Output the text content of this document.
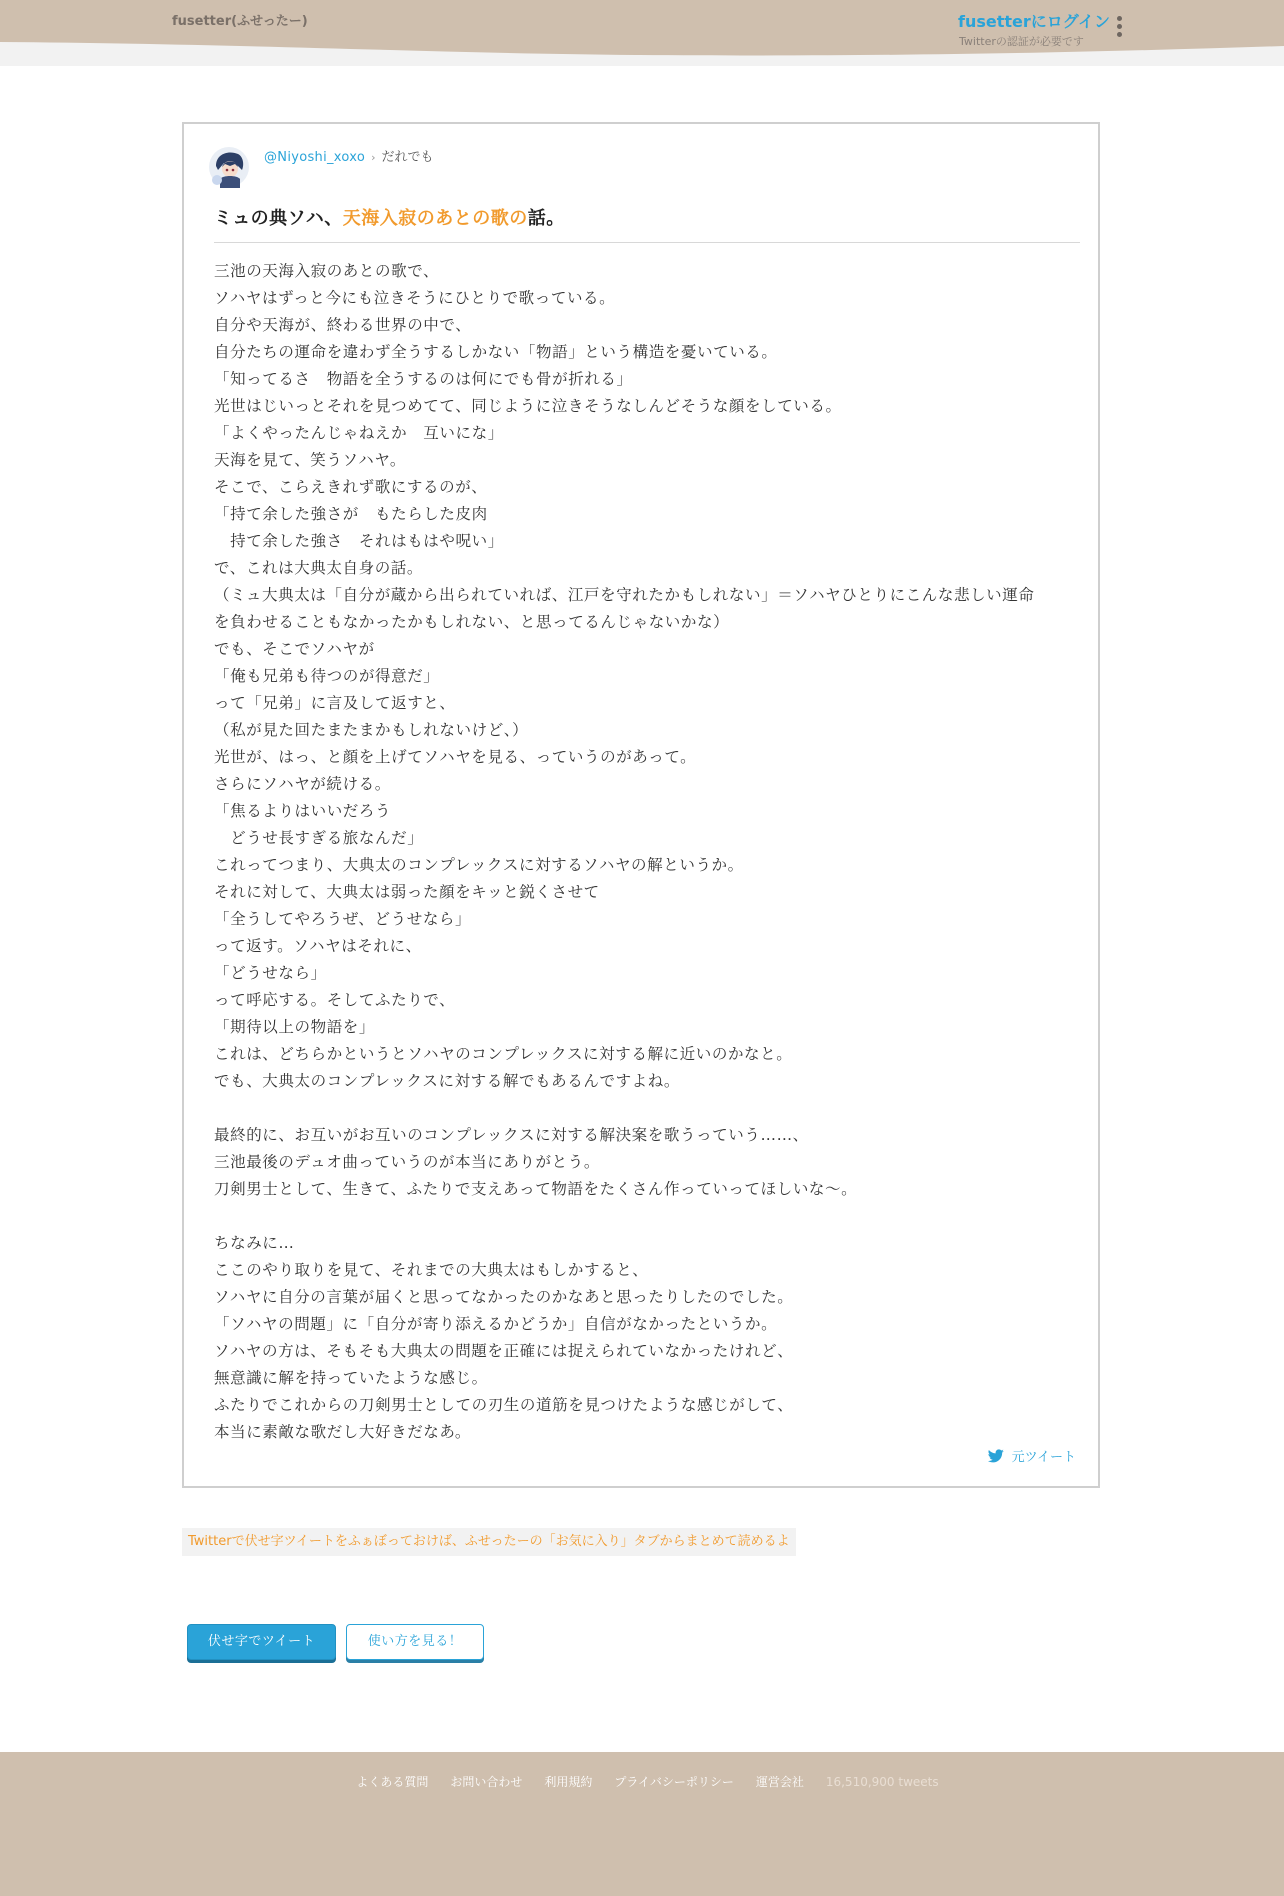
fusetter(ふせったー)	fusetterにログイン
Twitterの認証が必要です
@Niyoshi_xoxo › だれでも
ミュの典ソハ、天海入寂のあとの歌の話。
三池の天海入寂のあとの歌で、
ソハヤはずっと今にも泣きそうにひとりで歌っている。
自分や天海が、終わる世界の中で、
自分たちの運命を違わず全うするしかない「物語」という構造を憂いている。
「知ってるさ　物語を全うするのは何にでも骨が折れる」
光世はじいっとそれを見つめてて、同じように泣きそうなしんどそうな顔をしている。
「よくやったんじゃねえか　互いにな」
天海を見て、笑うソハヤ。
そこで、こらえきれず歌にするのが、
「持て余した強さが　もたらした皮肉
　持て余した強さ　それはもはや呪い」
で、これは大典太自身の話。
（ミュ大典太は「自分が蔵から出られていれば、江戸を守れたかもしれない」＝ソハヤひとりにこんな悲しい運命
を負わせることもなかったかもしれない、と思ってるんじゃないかな）
でも、そこでソハヤが
「俺も兄弟も待つのが得意だ」
って「兄弟」に言及して返すと、
（私が見た回たまたまかもしれないけど、）
光世が、はっ、と顔を上げてソハヤを見る、っていうのがあって。
さらにソハヤが続ける。
「焦るよりはいいだろう
　どうせ長すぎる旅なんだ」
これってつまり、大典太のコンプレックスに対するソハヤの解というか。
それに対して、大典太は弱った顔をキッと鋭くさせて
「全うしてやろうぜ、どうせなら」
って返す。ソハヤはそれに、
「どうせなら」
って呼応する。そしてふたりで、
「期待以上の物語を」
これは、どちらかというとソハヤのコンプレックスに対する解に近いのかなと。
でも、大典太のコンプレックスに対する解でもあるんですよね。
最終的に、お互いがお互いのコンプレックスに対する解決案を歌うっていう……、
三池最後のデュオ曲っていうのが本当にありがとう。
刀剣男士として、生きて、ふたりで支えあって物語をたくさん作っていってほしいな〜。
ちなみに…
ここのやり取りを見て、それまでの大典太はもしかすると、
ソハヤに自分の言葉が届くと思ってなかったのかなあと思ったりしたのでした。
「ソハヤの問題」に「自分が寄り添えるかどうか」自信がなかったというか。
ソハヤの方は、そもそも大典太の問題を正確には捉えられていなかったけれど、
無意識に解を持っていたような感じ。
ふたりでこれからの刀剣男士としての刃生の道筋を見つけたような感じがして、
本当に素敵な歌だし大好きだなあ。
元ツイート
Twitterで伏せ字ツイートをふぁぼっておけば、ふせったーの「お気に入り」タブからまとめて読めるよ
伏せ字でツイート	使い方を見る！
よくある質問 お問い合わせ 利用規約 プライバシーポリシー 運営会社 16,510,900 tweets
